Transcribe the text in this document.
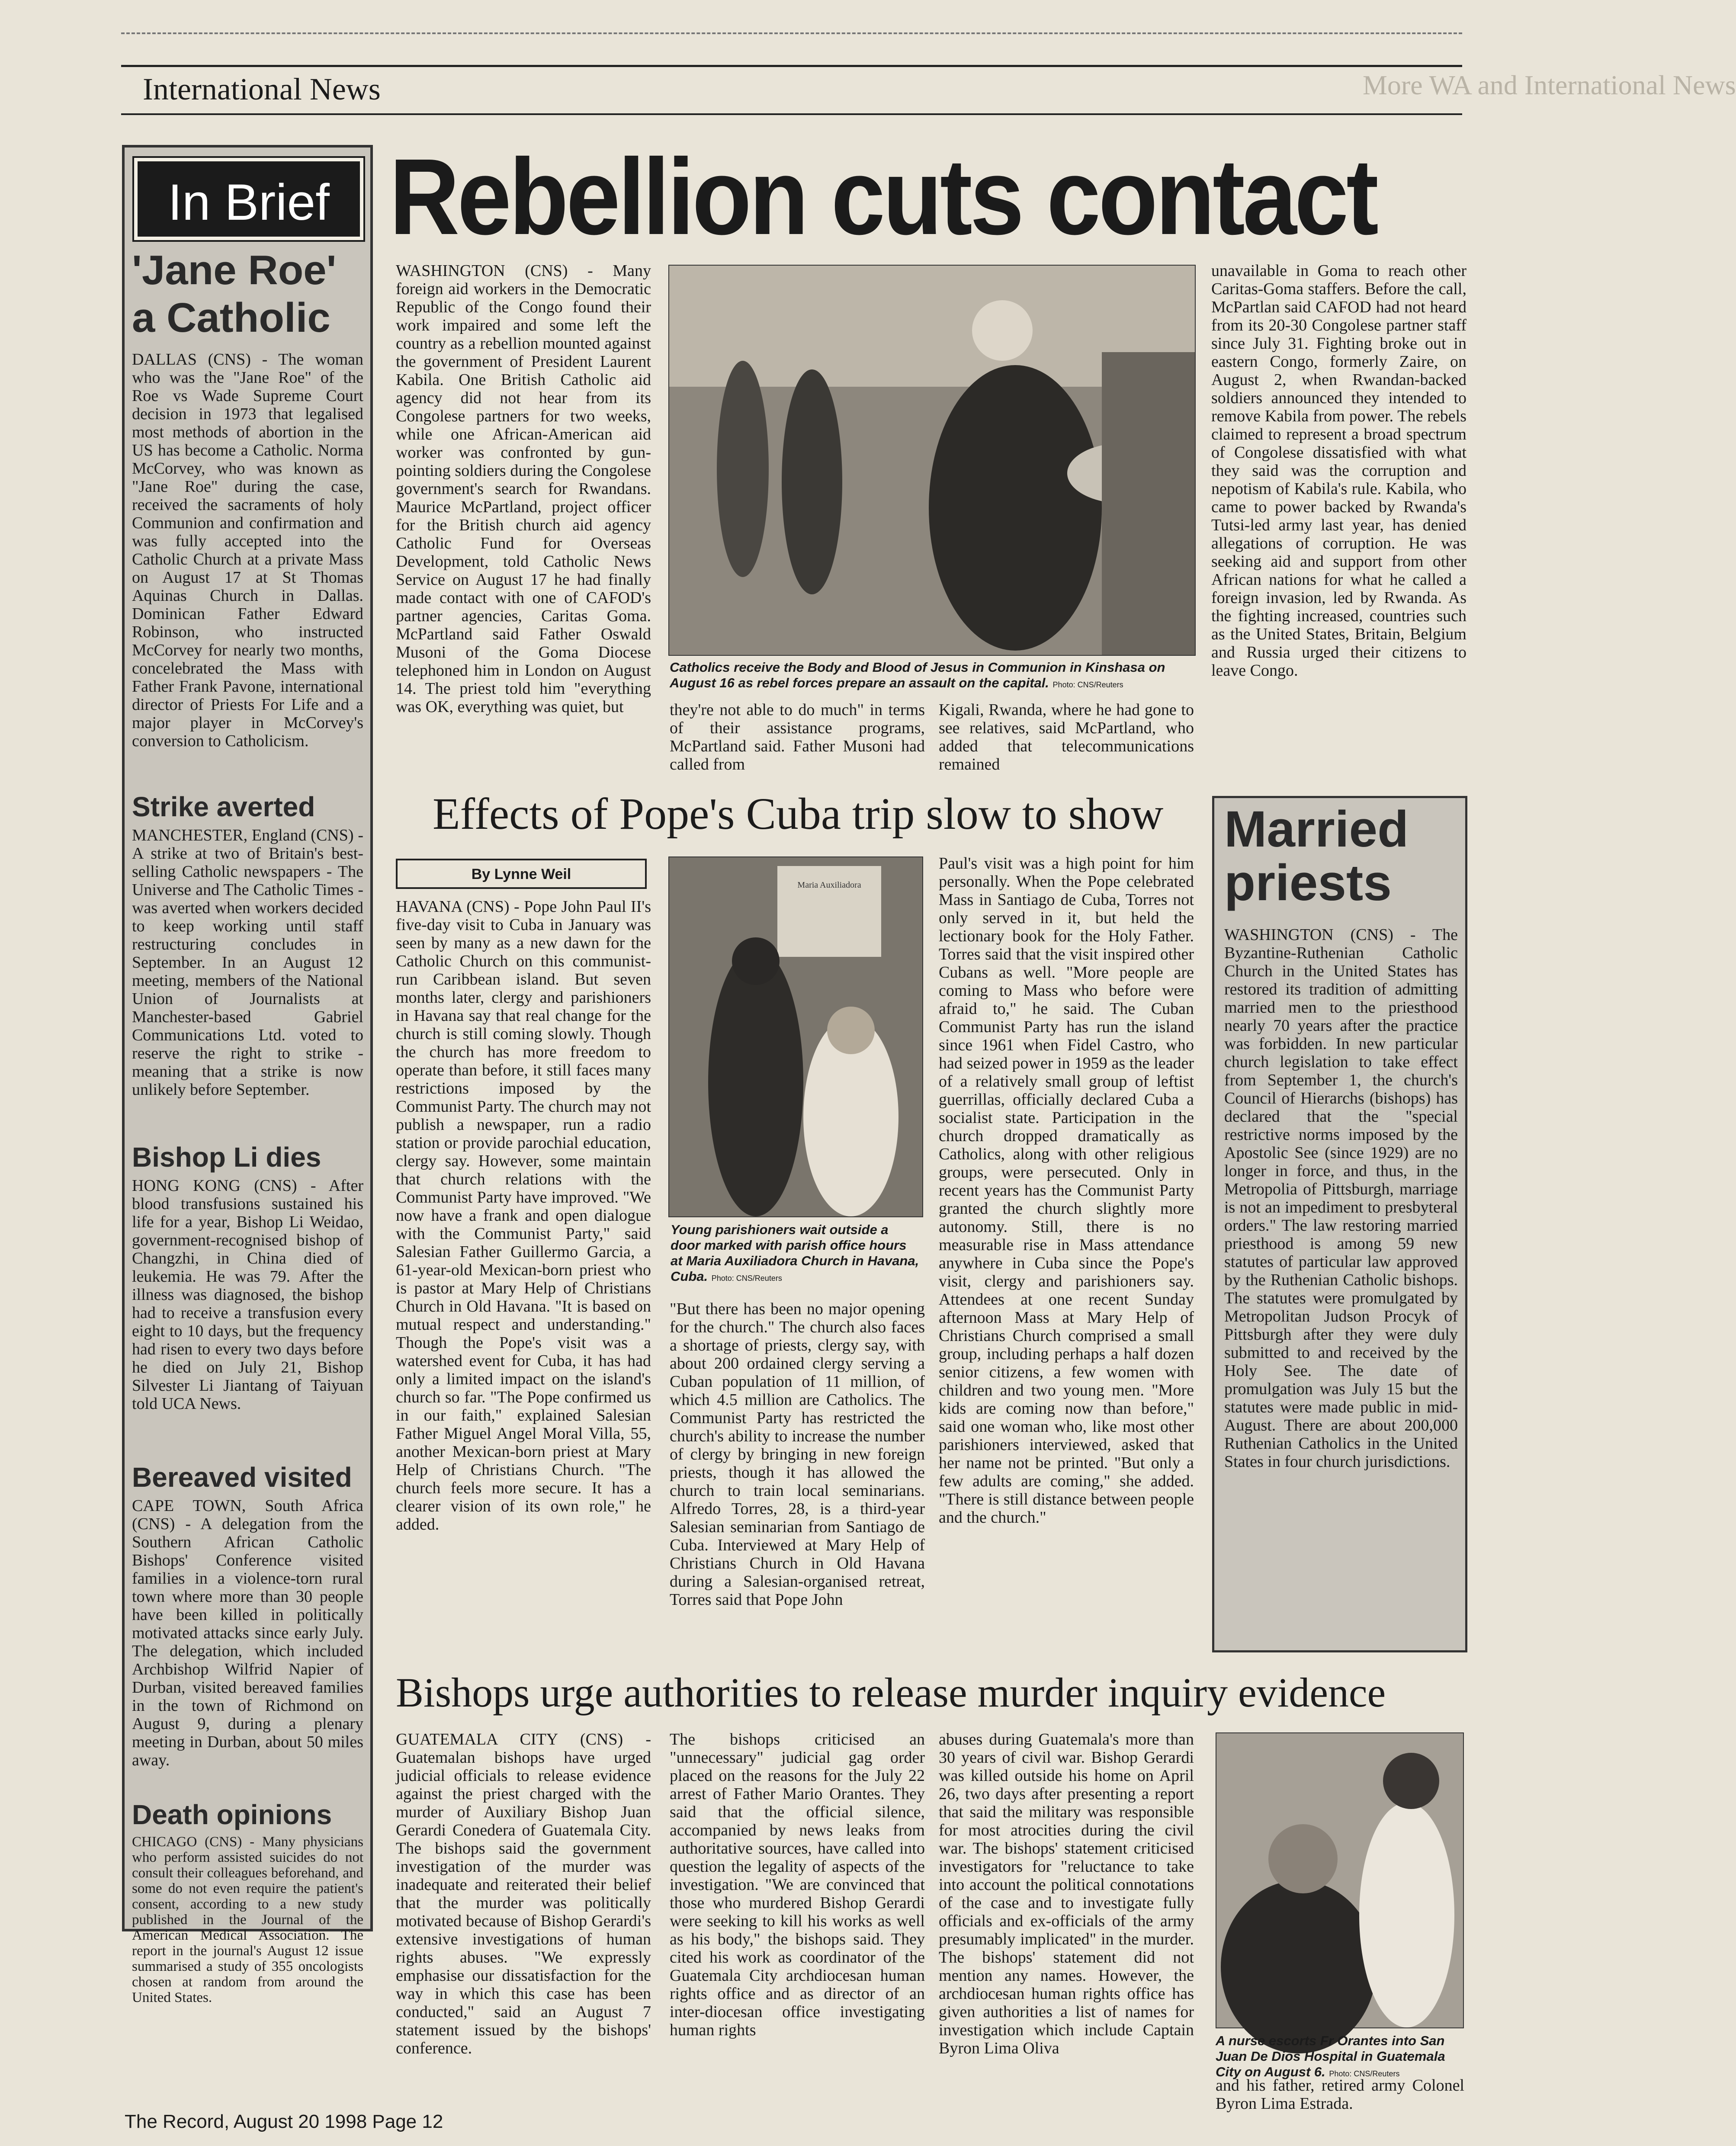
More WA and International News
International News
In Brief
'Jane Roe' a Catholic
DALLAS (CNS) - The woman who was the "Jane Roe" of the Roe vs Wade Supreme Court decision in 1973 that legalised most methods of abortion in the US has become a Catholic. Norma McCorvey, who was known as "Jane Roe" during the case, received the sacraments of holy Communion and confirmation and was fully accepted into the Catholic Church at a private Mass on August 17 at St Thomas Aquinas Church in Dallas. Dominican Father Edward Robinson, who instructed McCorvey for nearly two months, concelebrated the Mass with Father Frank Pavone, international director of Priests For Life and a major player in McCorvey's conversion to Catholicism.
Strike averted
MANCHESTER, England (CNS) - A strike at two of Britain's best-selling Catholic newspapers - The Universe and The Catholic Times - was averted when workers decided to keep working until staff restructuring concludes in September. In an August 12 meeting, members of the National Union of Journalists at Manchester-based Gabriel Communications Ltd. voted to reserve the right to strike - meaning that a strike is now unlikely before September.
Bishop Li dies
HONG KONG (CNS) - After blood transfusions sustained his life for a year, Bishop Li Weidao, government-recognised bishop of Changzhi, in China died of leukemia. He was 79. After the illness was diagnosed, the bishop had to receive a transfusion every eight to 10 days, but the frequency had risen to every two days before he died on July 21, Bishop Silvester Li Jiantang of Taiyuan told UCA News.
Bereaved visited
CAPE TOWN, South Africa (CNS) - A delegation from the Southern African Catholic Bishops' Conference visited families in a violence-torn rural town where more than 30 people have been killed in politically motivated attacks since early July. The delegation, which included Archbishop Wilfrid Napier of Durban, visited bereaved families in the town of Richmond on August 9, during a plenary meeting in Durban, about 50 miles away.
Death opinions
CHICAGO (CNS) - Many physicians who perform assisted suicides do not consult their colleagues beforehand, and some do not even require the patient's consent, according to a new study published in the Journal of the American Medical Association. The report in the journal's August 12 issue summarised a study of 355 oncologists chosen at random from around the United States.
Rebellion cuts contact
WASHINGTON (CNS) - Many foreign aid workers in the Democratic Republic of the Congo found their work impaired and some left the country as a rebellion mounted against the government of President Laurent Kabila. One British Catholic aid agency did not hear from its Congolese partners for two weeks, while one African-American aid worker was confronted by gun-pointing soldiers during the Congolese government's search for Rwandans. Maurice McPartland, project officer for the British church aid agency Catholic Fund for Overseas Development, told Catholic News Service on August 17 he had finally made contact with one of CAFOD's partner agencies, Caritas Goma. McPartland said Father Oswald Musoni of the Goma Diocese telephoned him in London on August 14. The priest told him "everything was OK, everything was quiet, but
Catholics receive the Body and Blood of Jesus in Communion in Kinshasa on August 16 as rebel forces prepare an assault on the capital. Photo: CNS/Reuters
they're not able to do much" in terms of their assistance programs, McPartland said. Father Musoni had called from
Kigali, Rwanda, where he had gone to see relatives, said McPartland, who added that telecommunications remained
unavailable in Goma to reach other Caritas-Goma staffers. Before the call, McPartlan said CAFOD had not heard from its 20-30 Congolese partner staff since July 31. Fighting broke out in eastern Congo, formerly Zaire, on August 2, when Rwandan-backed soldiers announced they intended to remove Kabila from power. The rebels claimed to represent a broad spectrum of Congolese dissatisfied with what they said was the corruption and nepotism of Kabila's rule. Kabila, who came to power backed by Rwanda's Tutsi-led army last year, has denied allegations of corruption. He was seeking aid and support from other African nations for what he called a foreign invasion, led by Rwanda. As the fighting increased, countries such as the United States, Britain, Belgium and Russia urged their citizens to leave Congo.
Effects of Pope's Cuba trip slow to show
By Lynne Weil
HAVANA (CNS) - Pope John Paul II's five-day visit to Cuba in January was seen by many as a new dawn for the Catholic Church on this communist-run Caribbean island. But seven months later, clergy and parishioners in Havana say that real change for the church is still coming slowly. Though the church has more freedom to operate than before, it still faces many restrictions imposed by the Communist Party. The church may not publish a newspaper, run a radio station or provide parochial education, clergy say. However, some maintain that church relations with the Communist Party have improved. "We now have a frank and open dialogue with the Communist Party," said Salesian Father Guillermo Garcia, a 61-year-old Mexican-born priest who is pastor at Mary Help of Christians Church in Old Havana. "It is based on mutual respect and understanding." Though the Pope's visit was a watershed event for Cuba, it has had only a limited impact on the island's church so far. "The Pope confirmed us in our faith," explained Salesian Father Miguel Angel Moral Villa, 55, another Mexican-born priest at Mary Help of Christians Church. "The church feels more secure. It has a clearer vision of its own role," he added.
Maria Auxiliadora
Young parishioners wait outside a door marked with parish office hours at Maria Auxiliadora Church in Havana, Cuba. Photo: CNS/Reuters
"But there has been no major opening for the church." The church also faces a shortage of priests, clergy say, with about 200 ordained clergy serving a Cuban population of 11 million, of which 4.5 million are Catholics. The Communist Party has restricted the church's ability to increase the number of clergy by bringing in new foreign priests, though it has allowed the church to train local seminarians. Alfredo Torres, 28, is a third-year Salesian seminarian from Santiago de Cuba. Interviewed at Mary Help of Christians Church in Old Havana during a Salesian-organised retreat, Torres said that Pope John
Paul's visit was a high point for him personally. When the Pope celebrated Mass in Santiago de Cuba, Torres not only served in it, but held the lectionary book for the Holy Father. Torres said that the visit inspired other Cubans as well. "More people are coming to Mass who before were afraid to," he said. The Cuban Communist Party has run the island since 1961 when Fidel Castro, who had seized power in 1959 as the leader of a relatively small group of leftist guerrillas, officially declared Cuba a socialist state. Participation in the church dropped dramatically as Catholics, along with other religious groups, were persecuted. Only in recent years has the Communist Party granted the church slightly more autonomy. Still, there is no measurable rise in Mass attendance anywhere in Cuba since the Pope's visit, clergy and parishioners say. Attendees at one recent Sunday afternoon Mass at Mary Help of Christians Church comprised a small group, including perhaps a half dozen senior citizens, a few women with children and two young men. "More kids are coming now than before," said one woman who, like most other parishioners interviewed, asked that her name not be printed. "But only a few adults are coming," she added. "There is still distance between people and the church."
Married priests
WASHINGTON (CNS) - The Byzantine-Ruthenian Catholic Church in the United States has restored its tradition of admitting married men to the priesthood nearly 70 years after the practice was forbidden. In new particular church legislation to take effect from September 1, the church's Council of Hierarchs (bishops) has declared that the "special restrictive norms imposed by the Apostolic See (since 1929) are no longer in force, and thus, in the Metropolia of Pittsburgh, marriage is not an impediment to presbyteral orders." The law restoring married priesthood is among 59 new statutes of particular law approved by the Ruthenian Catholic bishops. The statutes were promulgated by Metropolitan Judson Procyk of Pittsburgh after they were duly submitted to and received by the Holy See. The date of promulgation was July 15 but the statutes were made public in mid-August. There are about 200,000 Ruthenian Catholics in the United States in four church jurisdictions.
Bishops urge authorities to release murder inquiry evidence
GUATEMALA CITY (CNS) - Guatemalan bishops have urged judicial officials to release evidence against the priest charged with the murder of Auxiliary Bishop Juan Gerardi Conedera of Guatemala City. The bishops said the government investigation of the murder was inadequate and reiterated their belief that the murder was politically motivated because of Bishop Gerardi's extensive investigations of human rights abuses. "We expressly emphasise our dissatisfaction for the way in which this case has been conducted," said an August 7 statement issued by the bishops' conference.
The bishops criticised an "unnecessary" judicial gag order placed on the reasons for the July 22 arrest of Father Mario Orantes. They said that the official silence, accompanied by news leaks from authoritative sources, have called into question the legality of aspects of the investigation. "We are convinced that those who murdered Bishop Gerardi were seeking to kill his works as well as his body," the bishops said. They cited his work as coordinator of the Guatemala City archdiocesan human rights office and as director of an inter-diocesan office investigating human rights
abuses during Guatemala's more than 30 years of civil war. Bishop Gerardi was killed outside his home on April 26, two days after presenting a report that said the military was responsible for most atrocities during the civil war. The bishops' statement criticised investigators for "reluctance to take into account the political connotations of the case and to investigate fully officials and ex-officials of the army presumably implicated" in the murder. The bishops' statement did not mention any names. However, the archdiocesan human rights office has given authorities a list of names for investigation which include Captain Byron Lima Oliva	A nurse escorts Fr Orantes into San Juan De Dios Hospital in Guatemala City on August 6. Photo: CNS/Reuters
and his father, retired army Colonel Byron Lima Estrada.
The Record, August 20 1998 Page 12
